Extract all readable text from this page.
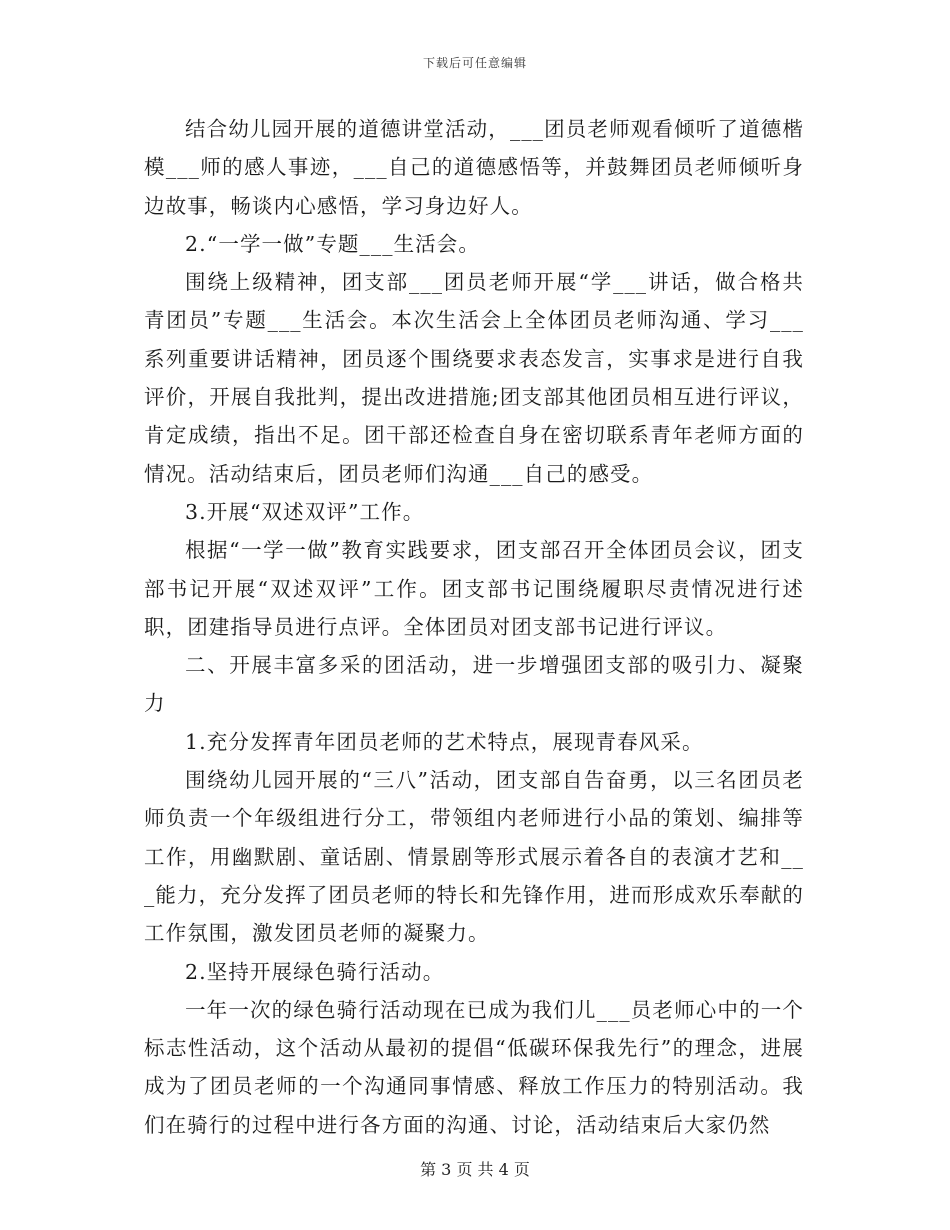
下载后可任意编辑

结合幼儿园开展的道德讲堂活动，___团员老师观看倾听了道德楷模___师的感人事迹，___自己的道德感悟等，并鼓舞团员老师倾听身边故事，畅谈内心感悟，学习身边好人。

2.“一学一做”专题___生活会。

围绕上级精神，团支部___团员老师开展“学___讲话，做合格共青团员”专题___生活会。本次生活会上全体团员老师沟通、学习___系列重要讲话精神，团员逐个围绕要求表态发言，实事求是进行自我评价，开展自我批判，提出改进措施;团支部其他团员相互进行评议，肯定成绩，指出不足。团干部还检查自身在密切联系青年老师方面的情况。活动结束后，团员老师们沟通___自己的感受。

3.开展“双述双评”工作。

根据“一学一做”教育实践要求，团支部召开全体团员会议，团支部书记开展“双述双评”工作。团支部书记围绕履职尽责情况进行述职，团建指导员进行点评。全体团员对团支部书记进行评议。

二、开展丰富多采的团活动，进一步增强团支部的吸引力、凝聚力

1.充分发挥青年团员老师的艺术特点，展现青春风采。

围绕幼儿园开展的“三八”活动，团支部自告奋勇，以三名团员老师负责一个年级组进行分工，带领组内老师进行小品的策划、编排等工作，用幽默剧、童话剧、情景剧等形式展示着各自的表演才艺和___能力，充分发挥了团员老师的特长和先锋作用，进而形成欢乐奉献的工作氛围，激发团员老师的凝聚力。

2.坚持开展绿色骑行活动。

一年一次的绿色骑行活动现在已成为我们儿___员老师心中的一个标志性活动，这个活动从最初的提倡“低碳环保我先行”的理念，进展成为了团员老师的一个沟通同事情感、释放工作压力的特别活动。我们在骑行的过程中进行各方面的沟通、讨论，活动结束后大家仍然

第 3 页 共 4 页
